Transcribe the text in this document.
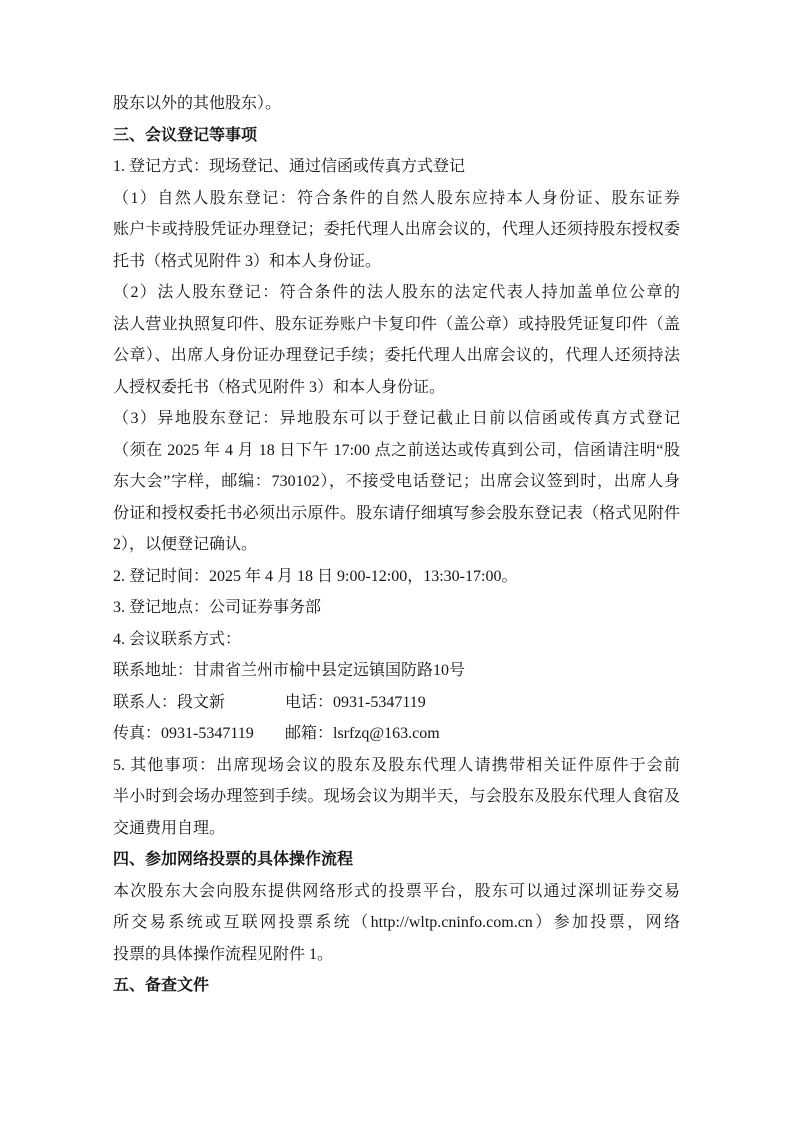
股东以外的其他股东）。

三、会议登记等事项

1. 登记方式：现场登记、通过信函或传真方式登记

（1）自然人股东登记：符合条件的自然人股东应持本人身份证、股东证券

账户卡或持股凭证办理登记；委托代理人出席会议的，代理人还须持股东授权委

托书（格式见附件 3）和本人身份证。

（2）法人股东登记：符合条件的法人股东的法定代表人持加盖单位公章的

法人营业执照复印件、股东证券账户卡复印件（盖公章）或持股凭证复印件（盖

公章）、出席人身份证办理登记手续；委托代理人出席会议的，代理人还须持法

人授权委托书（格式见附件 3）和本人身份证。

（3）异地股东登记：异地股东可以于登记截止日前以信函或传真方式登记

（须在 2025 年 4 月 18 日下午 17:00 点之前送达或传真到公司，信函请注明“股

东大会”字样，邮编：730102），不接受电话登记；出席会议签到时，出席人身

份证和授权委托书必须出示原件。股东请仔细填写参会股东登记表（格式见附件

2），以便登记确认。

2. 登记时间：2025 年 4 月 18 日 9:00-12:00，13:30-17:00。

3. 登记地点：公司证券事务部

4. 会议联系方式：

联系地址：甘肃省兰州市榆中县定远镇国防路10号

联系人：段文新	电话：0931-5347119

传真：0931-5347119 邮箱：lsrfzq@163.com

5. 其他事项：出席现场会议的股东及股东代理人请携带相关证件原件于会前

半小时到会场办理签到手续。现场会议为期半天，与会股东及股东代理人食宿及

交通费用自理。

四、参加网络投票的具体操作流程

本次股东大会向股东提供网络形式的投票平台，股东可以通过深圳证券交易

所交易系统或互联网投票系统（http://wltp.cninfo.com.cn）参加投票，网络

投票的具体操作流程见附件 1。

五、备查文件
